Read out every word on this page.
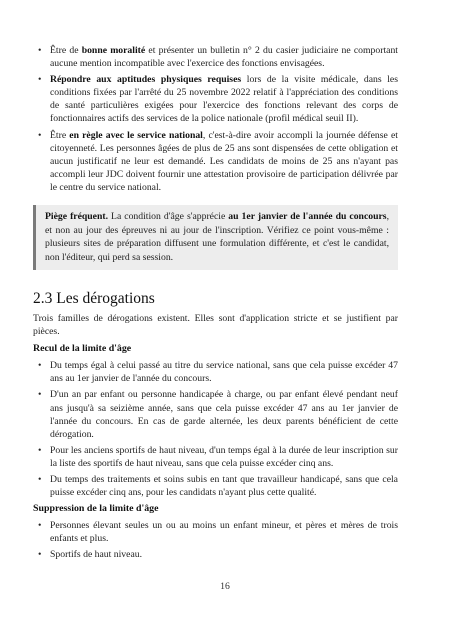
• Être de bonne moralité et présenter un bulletin n° 2 du casier judiciaire ne comportant aucune mention incompatible avec l'exercice des fonctions envisagées.
• Répondre aux aptitudes physiques requises lors de la visite médicale, dans les conditions fixées par l'arrêté du 25 novembre 2022 relatif à l'appréciation des conditions de santé particulières exigées pour l'exercice des fonctions relevant des corps de fonctionnaires actifs des services de la police nationale (profil médical seuil II).
• Être en règle avec le service national, c'est-à-dire avoir accompli la journée défense et citoyenneté. Les personnes âgées de plus de 25 ans sont dispensées de cette obligation et aucun justificatif ne leur est demandé. Les candidats de moins de 25 ans n'ayant pas accompli leur JDC doivent fournir une attestation provisoire de participation délivrée par le centre du service national.
Piège fréquent. La condition d'âge s'apprécie au 1er janvier de l'année du concours, et non au jour des épreuves ni au jour de l'inscription. Vérifiez ce point vous-même : plusieurs sites de préparation diffusent une formulation différente, et c'est le candidat, non l'éditeur, qui perd sa session.
2.3 Les dérogations

Trois familles de dérogations existent. Elles sont d'application stricte et se justifient par pièces.

Recul de la limite d'âge
• Du temps égal à celui passé au titre du service national, sans que cela puisse excéder 47 ans au 1er janvier de l'année du concours.
• D'un an par enfant ou personne handicapée à charge, ou par enfant élevé pendant neuf ans jusqu'à sa seizième année, sans que cela puisse excéder 47 ans au 1er janvier de l'année du concours. En cas de garde alternée, les deux parents bénéficient de cette dérogation.
• Pour les anciens sportifs de haut niveau, d'un temps égal à la durée de leur inscription sur la liste des sportifs de haut niveau, sans que cela puisse excéder cinq ans.
• Du temps des traitements et soins subis en tant que travailleur handicapé, sans que cela puisse excéder cinq ans, pour les candidats n'ayant plus cette qualité.
Suppression de la limite d'âge
• Personnes élevant seules un ou au moins un enfant mineur, et pères et mères de trois enfants et plus.
• Sportifs de haut niveau.
16
